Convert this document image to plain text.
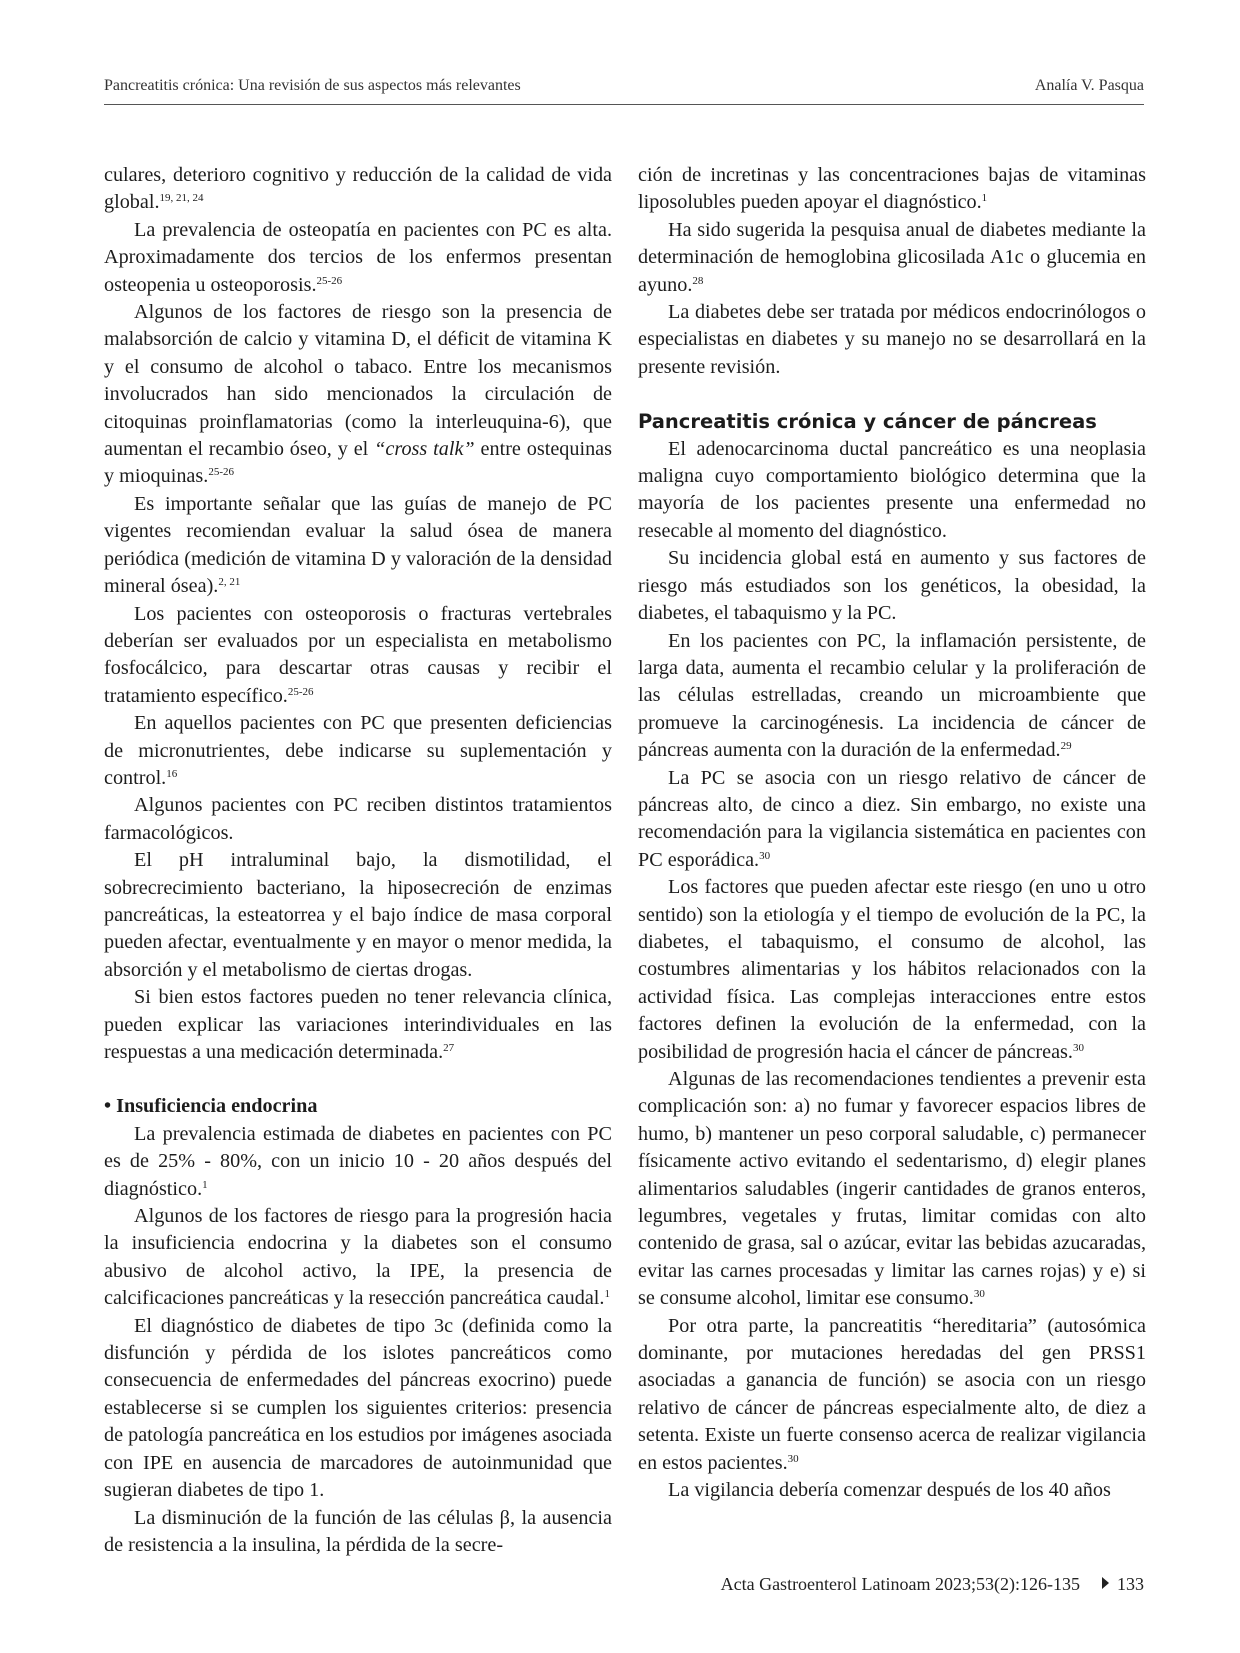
Pancreatitis crónica: Una revisión de sus aspectos más relevantes	Analía V. Pasqua

culares, deterioro cognitivo y reducción de la calidad de vida global.$^{19, 21, 24}$

La prevalencia de osteopatía en pacientes con PC es alta. Aproximadamente dos tercios de los enfermos presentan osteopenia u osteoporosis.$^{25-26}$

Algunos de los factores de riesgo son la presencia de malabsorción de calcio y vitamina D, el déficit de vitamina K y el consumo de alcohol o tabaco. Entre los mecanismos involucrados han sido mencionados la circulación de citoquinas proinflamatorias (como la interleuquina-6), que aumentan el recambio óseo, y el “cross talk” entre ostequinas y mioquinas.$^{25-26}$

Es importante señalar que las guías de manejo de PC vigentes recomiendan evaluar la salud ósea de manera periódica (medición de vitamina D y valoración de la densidad mineral ósea).$^{2, 21}$

Los pacientes con osteoporosis o fracturas vertebrales deberían ser evaluados por un especialista en metabolismo fosfocálcico, para descartar otras causas y recibir el tratamiento específico.$^{25-26}$

En aquellos pacientes con PC que presenten deficiencias de micronutrientes, debe indicarse su suplementación y control.$^{16}$

Algunos pacientes con PC reciben distintos tratamientos farmacológicos.

El pH intraluminal bajo, la dismotilidad, el sobrecrecimiento bacteriano, la hiposecreción de enzimas pancreáticas, la esteatorrea y el bajo índice de masa corporal pueden afectar, eventualmente y en mayor o menor medida, la absorción y el metabolismo de ciertas drogas.

Si bien estos factores pueden no tener relevancia clínica, pueden explicar las variaciones interindividuales en las respuestas a una medicación determinada.$^{27}$

• Insuficiencia endocrina

La prevalencia estimada de diabetes en pacientes con PC es de 25% - 80%, con un inicio 10 - 20 años después del diagnóstico.$^1$

Algunos de los factores de riesgo para la progresión hacia la insuficiencia endocrina y la diabetes son el consumo abusivo de alcohol activo, la IPE, la presencia de calcificaciones pancreáticas y la resección pancreática caudal.$^1$

El diagnóstico de diabetes de tipo 3c (definida como la disfunción y pérdida de los islotes pancreáticos como consecuencia de enfermedades del páncreas exocrino) puede establecerse si se cumplen los siguientes criterios: presencia de patología pancreática en los estudios por imágenes asociada con IPE en ausencia de marcadores de autoinmunidad que sugieran diabetes de tipo 1.

La disminución de la función de las células β, la ausencia de resistencia a la insulina, la pérdida de la secre-

ción de incretinas y las concentraciones bajas de vitaminas liposolubles pueden apoyar el diagnóstico.$^1$

Ha sido sugerida la pesquisa anual de diabetes mediante la determinación de hemoglobina glicosilada A1c o glucemia en ayuno.$^{28}$

La diabetes debe ser tratada por médicos endocrinólogos o especialistas en diabetes y su manejo no se desarrollará en la presente revisión.

Pancreatitis crónica y cáncer de páncreas

El adenocarcinoma ductal pancreático es una neoplasia maligna cuyo comportamiento biológico determina que la mayoría de los pacientes presente una enfermedad no resecable al momento del diagnóstico.

Su incidencia global está en aumento y sus factores de riesgo más estudiados son los genéticos, la obesidad, la diabetes, el tabaquismo y la PC.

En los pacientes con PC, la inflamación persistente, de larga data, aumenta el recambio celular y la proliferación de las células estrelladas, creando un microambiente que promueve la carcinogénesis. La incidencia de cáncer de páncreas aumenta con la duración de la enfermedad.$^{29}$

La PC se asocia con un riesgo relativo de cáncer de páncreas alto, de cinco a diez. Sin embargo, no existe una recomendación para la vigilancia sistemática en pacientes con PC esporádica.$^{30}$

Los factores que pueden afectar este riesgo (en uno u otro sentido) son la etiología y el tiempo de evolución de la PC, la diabetes, el tabaquismo, el consumo de alcohol, las costumbres alimentarias y los hábitos relacionados con la actividad física. Las complejas interacciones entre estos factores definen la evolución de la enfermedad, con la posibilidad de progresión hacia el cáncer de páncreas.$^{30}$

Algunas de las recomendaciones tendientes a prevenir esta complicación son: a) no fumar y favorecer espacios libres de humo, b) mantener un peso corporal saludable, c) permanecer físicamente activo evitando el sedentarismo, d) elegir planes alimentarios saludables (ingerir cantidades de granos enteros, legumbres, vegetales y frutas, limitar comidas con alto contenido de grasa, sal o azúcar, evitar las bebidas azucaradas, evitar las carnes procesadas y limitar las carnes rojas) y e) si se consume alcohol, limitar ese consumo.$^{30}$

Por otra parte, la pancreatitis “hereditaria” (autosómica dominante, por mutaciones heredadas del gen PRSS1 asociadas a ganancia de función) se asocia con un riesgo relativo de cáncer de páncreas especialmente alto, de diez a setenta. Existe un fuerte consenso acerca de realizar vigilancia en estos pacientes.$^{30}$

La vigilancia debería comenzar después de los 40 años

Acta Gastroenterol Latinoam 2023;53(2):126-135 133
